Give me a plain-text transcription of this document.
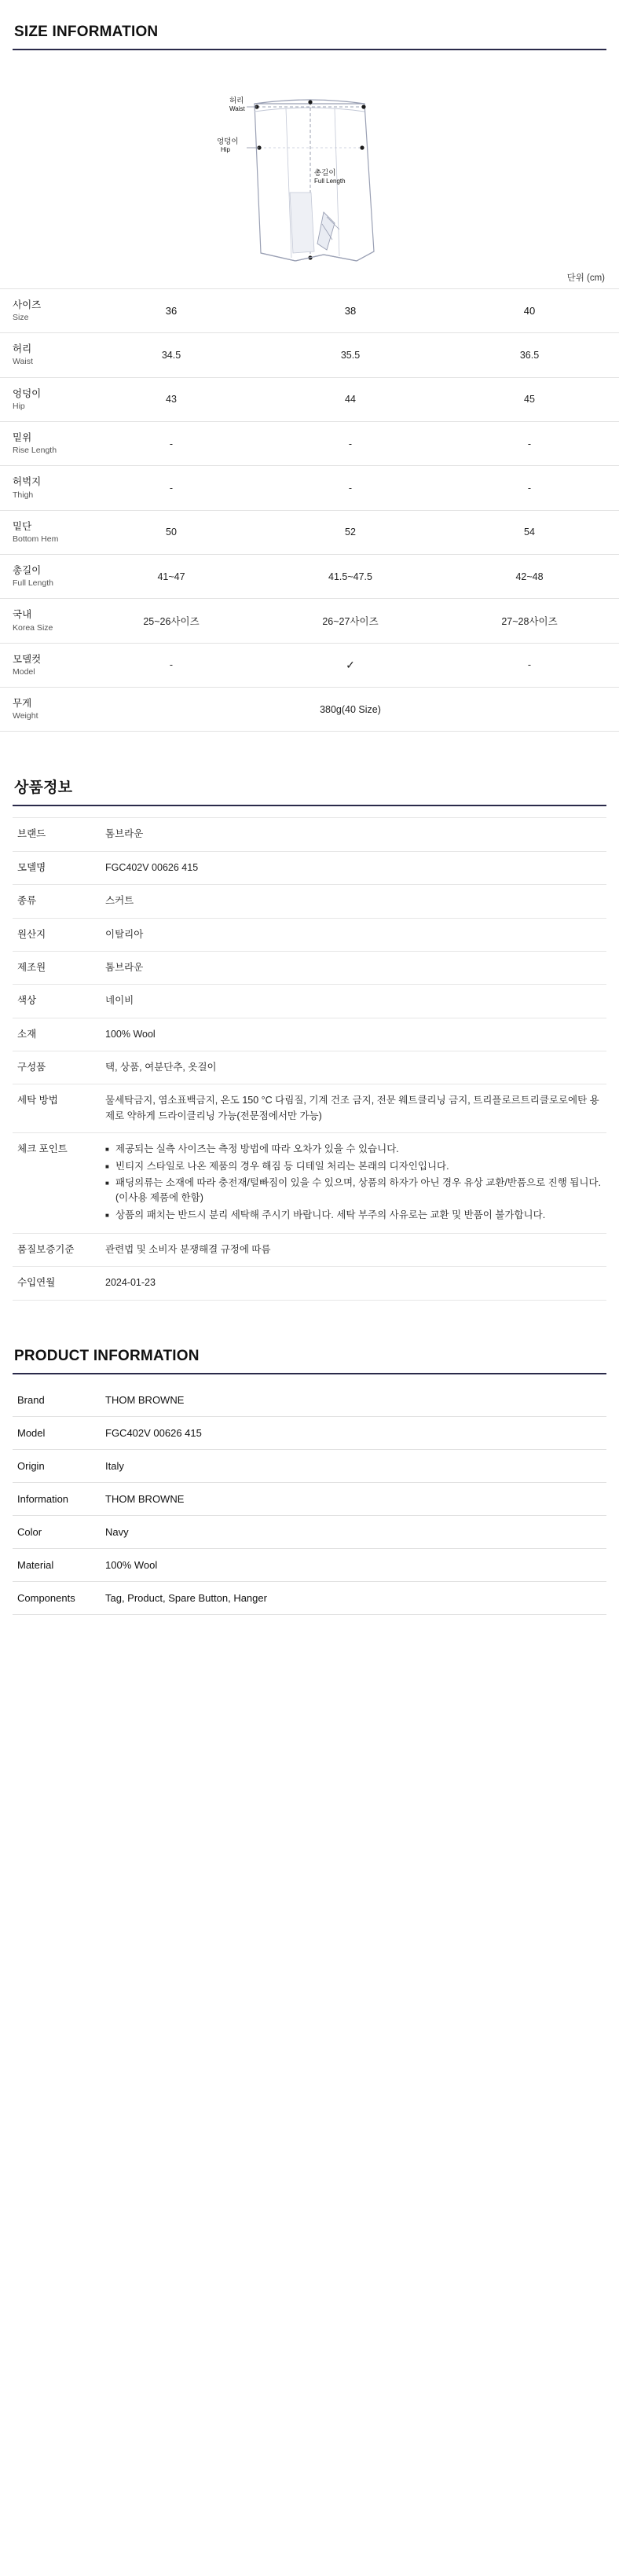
SIZE INFORMATION
허리
Waist
엉덩이
Hip
총길이
Full Length
단위 (cm)
사이즈
Size	36	38	40

허리
Waist	34.5	35.5	36.5

엉덩이
Hip	43	44	45

밑위
Rise Length	-	-	-

허벅지
Thigh	-	-	-

밑단
Bottom Hem	50	52	54

총길이
Full Length	41~47	41.5~47.5	42~48

국내
Korea Size	25~26사이즈	26~27사이즈	27~28사이즈

모델컷
Model	-	✓	-

무게
Weight	380g(40 Size)		
상품정보
브랜드	톰브라운
모델명	FGC402V 00626 415
종류	스커트
원산지	이탈리아
제조원	톰브라운
색상	네이비
소재	100% Wool
구성품	택, 상품, 여분단추, 옷걸이
세탁 방법	물세탁금지, 염소표백금지, 온도 150 °C 다림질, 기계 건조 금지, 전문 웨트클리닝 금지, 트리플로르트리클로로에탄 용제로 약하게 드라이클리닝 가능(전문점에서만 가능)
체크 포인트	
■제공되는 실측 사이즈는 측정 방법에 따라 오차가 있을 수 있습니다.
■ 빈티지 스타일로 나온 제품의 경우 해짐 등 디테일 처리는 본래의 디자인입니다.
■ 패딩의류는 소재에 따라 충전재/털빠짐이 있을 수 있으며, 상품의 하자가 아닌 경우 유상 교환/반품으로 진행 됩니다.(이사용 제품에 한함)
■ 상품의 패치는 반드시 분리 세탁해 주시기 바랍니다. 세탁 부주의 사유로는 교환 및 반품이 불가합니다.

품질보증기준	관련법 및 소비자 분쟁해결 규정에 따름
수입연월	2024-01-23
PRODUCT INFORMATION
Brand	THOM BROWNE
Model	FGC402V 00626 415
Origin	Italy
Information	THOM BROWNE
Color	Navy
Material	100% Wool
Components	Tag, Product, Spare Button, Hanger
